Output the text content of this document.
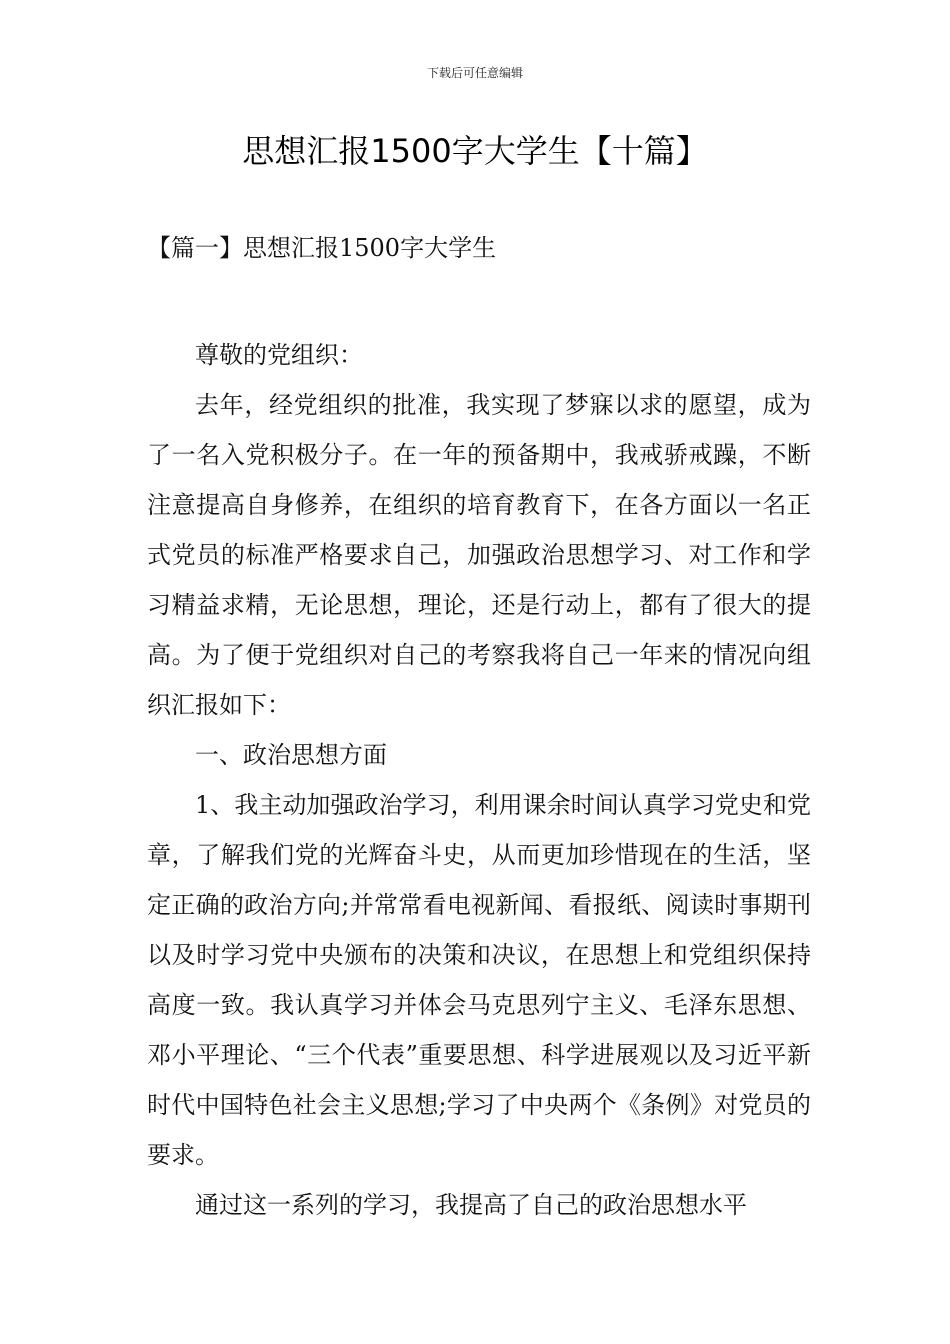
下载后可任意编辑
思想汇报1500字大学生【十篇】
【篇一】思想汇报1500字大学生

尊敬的党组织：

去年，经党组织的批准，我实现了梦寐以求的愿望，成为了一名入党积极分子。在一年的预备期中，我戒骄戒躁，不断注意提高自身修养，在组织的培育教育下，在各方面以一名正式党员的标准严格要求自己，加强政治思想学习、对工作和学习精益求精，无论思想，理论，还是行动上，都有了很大的提高。为了便于党组织对自己的考察我将自己一年来的情况向组织汇报如下：

一、政治思想方面

1、我主动加强政治学习，利用课余时间认真学习党史和党章，了解我们党的光辉奋斗史，从而更加珍惜现在的生活，坚定正确的政治方向;并常常看电视新闻、看报纸、阅读时事期刊以及时学习党中央颁布的决策和决议，在思想上和党组织保持高度一致。我认真学习并体会马克思列宁主义、毛泽东思想、邓小平理论、“三个代表”重要思想、科学进展观以及习近平新时代中国特色社会主义思想;学习了中央两个《条例》对党员的要求。

通过这一系列的学习，我提高了自己的政治思想水平
